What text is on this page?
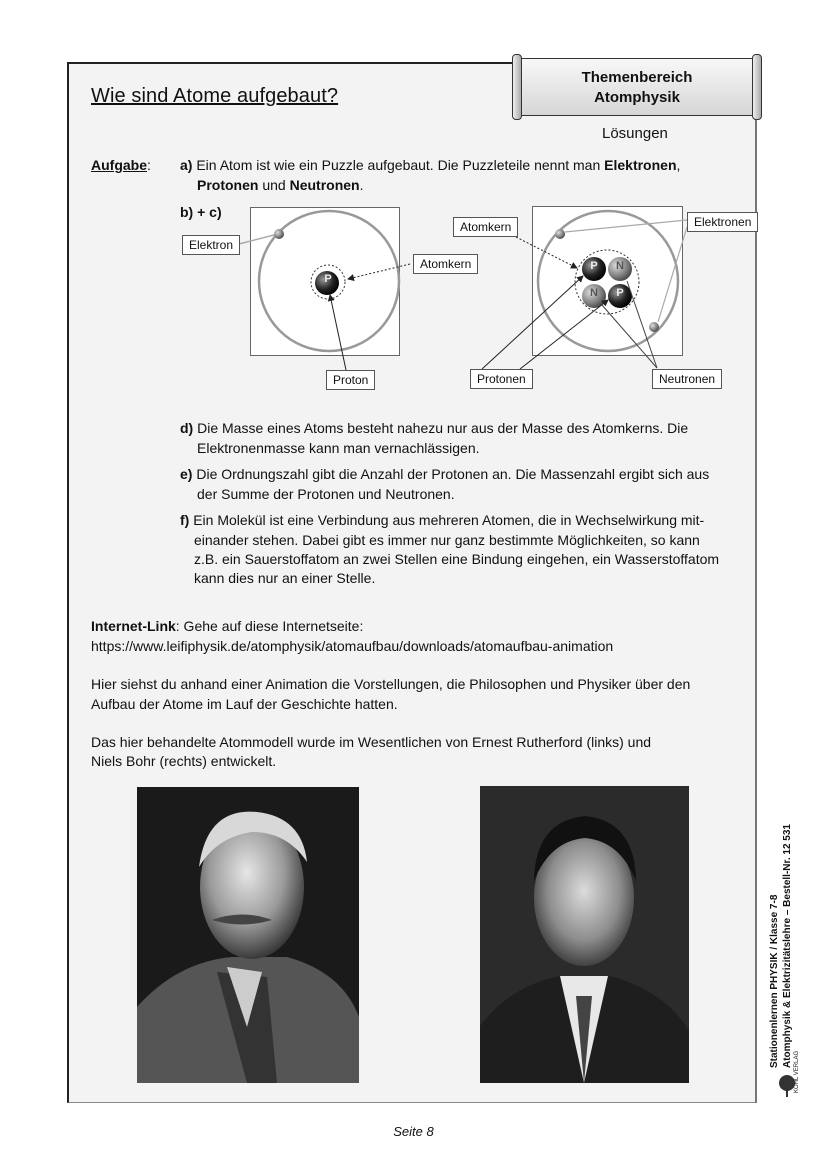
Wie sind Atome aufgebaut?
Themenbereich
Atomphysik
Lösungen
Aufgabe: a) Ein Atom ist wie ein Puzzle aufgebaut. Die Puzzleteile nennt man Elektronen,
Protonen und Neutronen.
b) + c)
P
Elektron
Atomkern
Proton
P	N
N	P
Atomkern	Elektronen
Protonen	Neutronen
d) Die Masse eines Atoms besteht nahezu nur aus der Masse des Atomkerns. Die
Elektronenmasse kann man vernachlässigen.
e) Die Ordnungszahl gibt die Anzahl der Protonen an. Die Massenzahl ergibt sich aus
der Summe der Protonen und Neutronen.
f) Ein Molekül ist eine Verbindung aus mehreren Atomen, die in Wechselwirkung mit-
einander stehen. Dabei gibt es immer nur ganz bestimmte Möglichkeiten, so kann
z.B. ein Sauerstoffatom an zwei Stellen eine Bindung eingehen, ein Wasserstoffatom
kann dies nur an einer Stelle.
Internet-Link: Gehe auf diese Internetseite:
https://www.leifiphysik.de/atomphysik/atomaufbau/downloads/atomaufbau-animation
Hier siehst du anhand einer Animation die Vorstellungen, die Philosophen und Physiker über den
Aufbau der Atome im Lauf der Geschichte hatten.
Das hier behandelte Atommodell wurde im Wesentlichen von Ernest Rutherford (links) und
Niels Bohr (rechts) entwickelt.
Stationenlernen PHYSIK / Klasse 7-8 Atomphysik & Elektrizitätslehre – Bestell-Nr. 12 531
KOHL VERLAG
Seite 8
